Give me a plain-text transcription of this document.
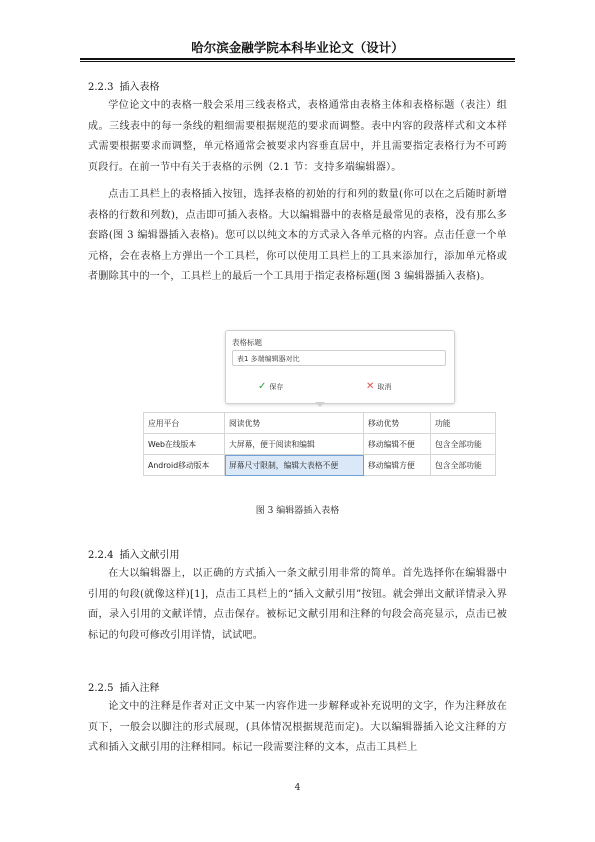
哈尔滨金融学院本科毕业论文（设计）
2.2.3 插入表格

学位论文中的表格一般会采用三线表格式，表格通常由表格主体和表格标题（表注）组成。三线表中的每一条线的粗细需要根据规范的要求而调整。表中内容的段落样式和文本样式需要根据要求而调整，单元格通常会被要求内容垂直居中，并且需要指定表格行为不可跨页段行。在前一节中有关于表格的示例（2.1 节：支持多端编辑器）。

点击工具栏上的表格插入按钮，选择表格的初始的行和列的数量(你可以在之后随时新增表格的行数和列数)，点击即可插入表格。大以编辑器中的表格是最常见的表格，没有那么多套路(图 3 编辑器插入表格)。您可以以纯文本的方式录入各单元格的内容。点击任意一个单元格，会在表格上方弹出一个工具栏，你可以使用工具栏上的工具来添加行，添加单元格或者删除其中的一个，工具栏上的最后一个工具用于指定表格标题(图 3 编辑器插入表格)。

表格标题
表1 多端编辑器对比
✓ 保存	✕ 取消
应用平台	阅读优势	移动优势	功能
Web在线版本	大屏幕，便于阅读和编辑	移动编辑不便	包含全部功能
Android移动版本	屏幕尺寸限制，编辑大表格不便	移动编辑方便	包含全部功能
图 3 编辑器插入表格
2.2.4 插入文献引用

在大以编辑器上，以正确的方式插入一条文献引用非常的简单。首先选择你在编辑器中引用的句段(就像这样)[1]，点击工具栏上的“插入文献引用”按钮。就会弹出文献详情录入界面，录入引用的文献详情，点击保存。被标记文献引用和注释的句段会高亮显示，点击已被标记的句段可修改引用详情，试试吧。

2.2.5 插入注释

论文中的注释是作者对正文中某一内容作进一步解释或补充说明的文字，作为注释放在页下，一般会以脚注的形式展现，(具体情况根据规范而定)。大以编辑器插入论文注释的方式和插入文献引用的注释相同。标记一段需要注释的文本，点击工具栏上

4
